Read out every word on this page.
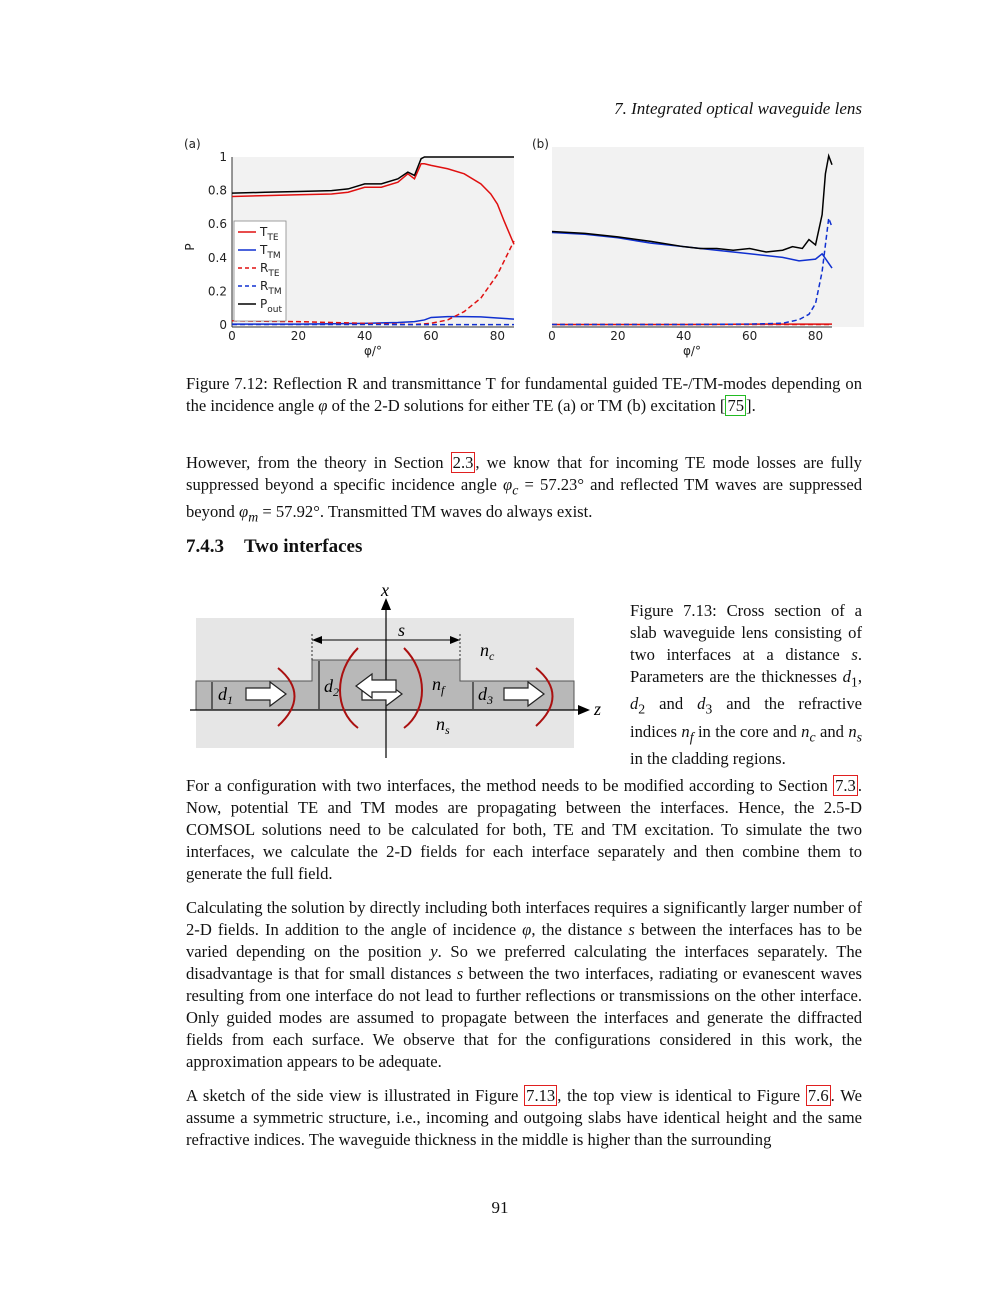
7. Integrated optical waveguide lens
(a)
0	20	40	60	80
0
0.2
0.4
0.6
0.8
1
P
φ/°
$T_{TE}$
$T_{TM}$
$R_{TE}$
$R_{TM}$
$P_{out}$
(b)
0	20	40	60	80
φ/°
Figure 7.12: Reflection R and transmittance T for fundamental guided TE-/TM-modes depending on the incidence angle φ of the 2-D solutions for either TE (a) or TM (b) excitation [ 75 ].
However, from the theory in Section 2.3 , we know that for incoming TE mode losses are fully suppressed beyond a specific incidence angle $\varphi_c = 57.23^\circ$ and reflected TM waves are suppressed beyond $\varphi_m = 57.92^\circ$. Transmitted TM waves do always exist.
7.4.3 Two interfaces
z
x
s
$n_c$
$n_f$
$n_s$
$d_1$
$d_2$	$d_3$
Figure 7.13: Cross section of a slab waveguide lens consisting of two interfaces at a distance s. Parameters are the thicknesses $d_1$, $d_2$ and $d_3$ and the refractive indices $n_f$ in the core and $n_c$ and $n_s$ in the cladding regions.
For a configuration with two interfaces, the method needs to be modified according to Section 7.3 . Now, potential TE and TM modes are propagating between the interfaces. Hence, the 2.5-D COMSOL solutions need to be calculated for both, TE and TM excitation. To simulate the two interfaces, we calculate the 2-D fields for each interface separately and then combine them to generate the full field.
Calculating the solution by directly including both interfaces requires a significantly larger number of 2-D fields. In addition to the angle of incidence φ, the distance s between the interfaces has to be varied depending on the position y. So we preferred calculating the interfaces separately. The disadvantage is that for small distances s between the two interfaces, radiating or evanescent waves resulting from one interface do not lead to further reflections or transmissions on the other interface. Only guided modes are assumed to propagate between the interfaces and generate the diffracted fields from each surface. We observe that for the configurations considered in this work, the approximation appears to be adequate.
A sketch of the side view is illustrated in Figure 7.13 , the top view is identical to Figure 7.6 . We assume a symmetric structure, i.e., incoming and outgoing slabs have identical height and the same refractive indices. The waveguide thickness in the middle is higher than the surrounding
91
